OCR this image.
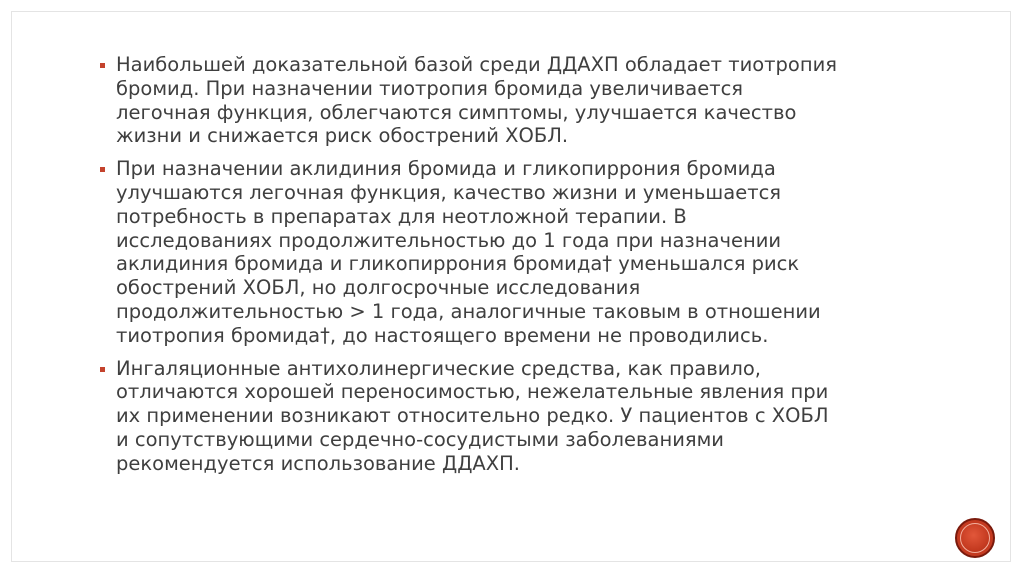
Наибольшей доказательной базой среди ДДАХП обладает тиотропия
бромид. При назначении тиотропия бромида увеличивается
легочная функция, облегчаются симптомы, улучшается качество
жизни и снижается риск обострений ХОБЛ.
При назначении аклидиния бромида и гликопиррония бромида
улучшаются легочная функция, качество жизни и уменьшается
потребность в препаратах для неотложной терапии. В
исследованиях продолжительностью до 1 года при назначении
аклидиния бромида и гликопиррония бромида† уменьшался риск
обострений ХОБЛ, но долгосрочные исследования
продолжительностью > 1 года, аналогичные таковым в отношении
тиотропия бромида†, до настоящего времени не проводились.
Ингаляционные антихолинергические средства, как правило,
отличаются хорошей переносимостью, нежелательные явления при
их применении возникают относительно редко. У пациентов с ХОБЛ
и сопутствующими сердечно-сосудистыми заболеваниями
рекомендуется использование ДДАХП.
